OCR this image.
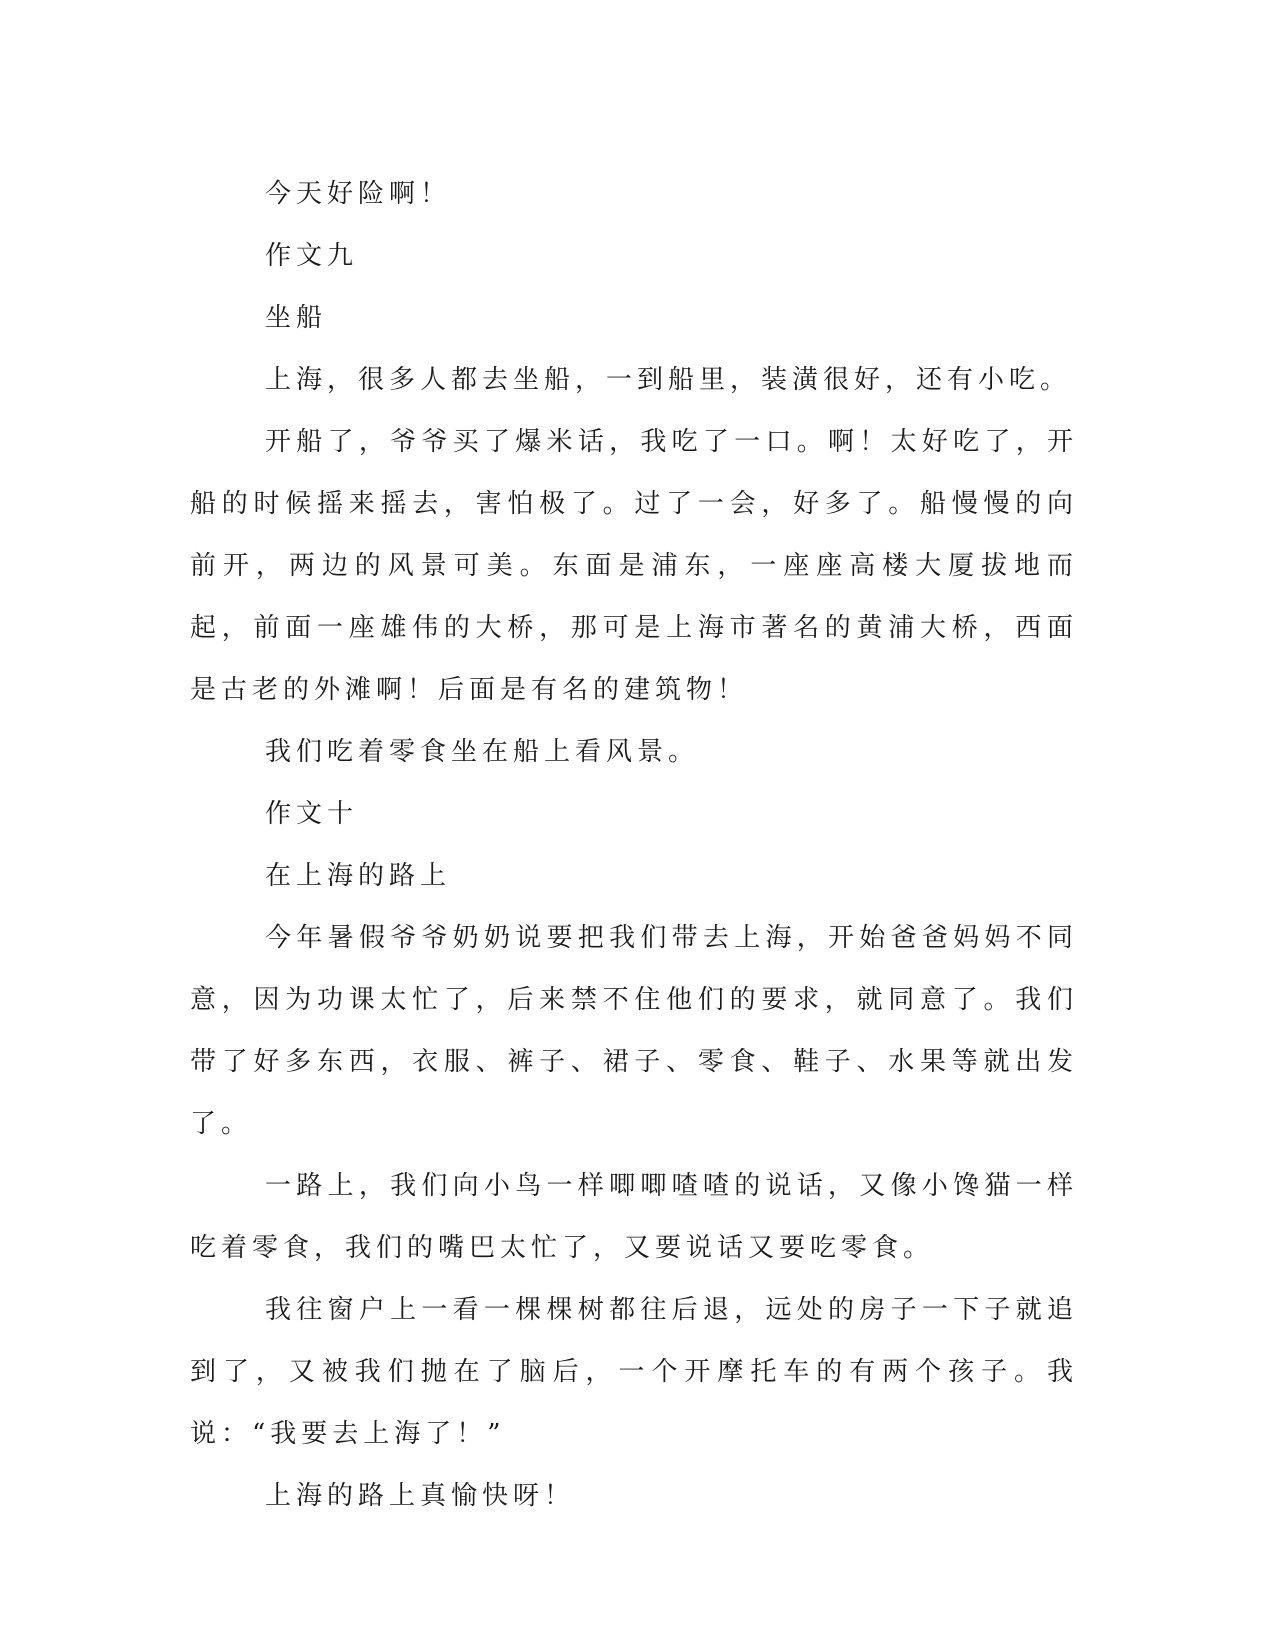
今天好险啊！

作文九

坐船

上海，很多人都去坐船，一到船里，装潢很好，还有小吃。

开船了，爷爷买了爆米话，我吃了一口。啊！太好吃了，开船的时候摇来摇去，害怕极了。过了一会，好多了。船慢慢的向前开，两边的风景可美。东面是浦东，一座座高楼大厦拔地而起，前面一座雄伟的大桥，那可是上海市著名的黄浦大桥，西面是古老的外滩啊！后面是有名的建筑物！

我们吃着零食坐在船上看风景。

作文十

在上海的路上

今年暑假爷爷奶奶说要把我们带去上海，开始爸爸妈妈不同意，因为功课太忙了，后来禁不住他们的要求，就同意了。我们带了好多东西，衣服、裤子、裙子、零食、鞋子、水果等就出发了。

一路上，我们向小鸟一样唧唧喳喳的说话，又像小馋猫一样吃着零食，我们的嘴巴太忙了，又要说话又要吃零食。

我往窗户上一看一棵棵树都往后退，远处的房子一下子就追到了，又被我们抛在了脑后，一个开摩托车的有两个孩子。我说：“我要去上海了！”

上海的路上真愉快呀！
